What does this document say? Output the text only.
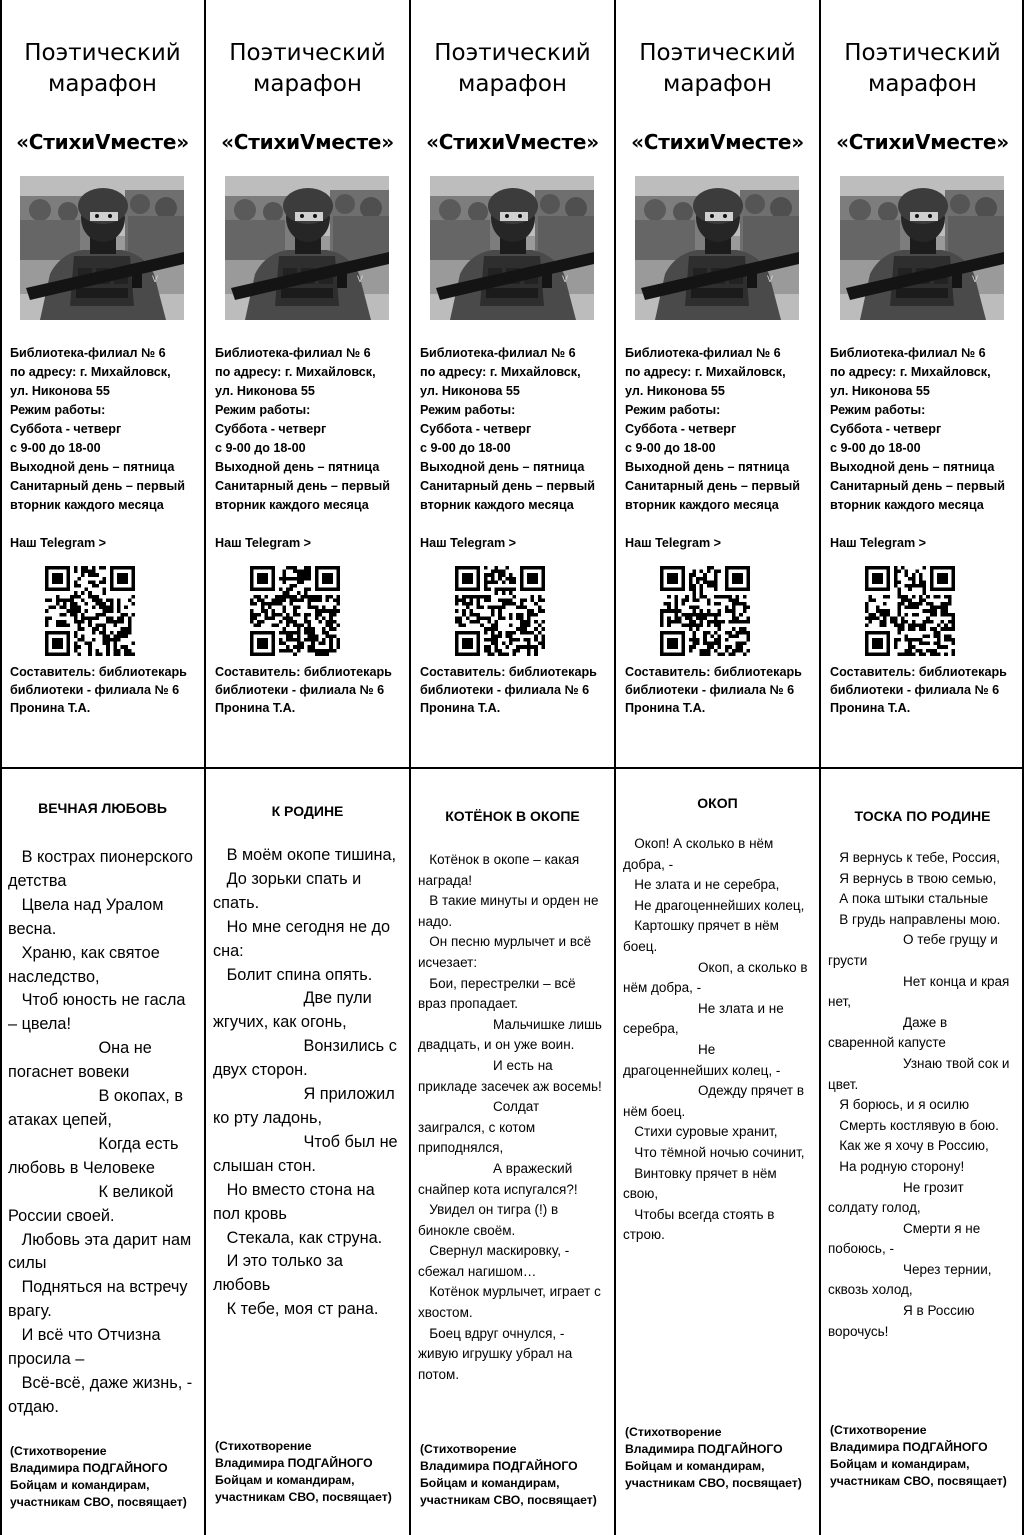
Поэтический
марафон
«СтихиVместе»
V
Библиотека-филиал № 6
по адресу: г. Михайловск,
ул. Никонова 55
Режим работы:
Суббота - четверг
с 9-00 до 18-00
Выходной день – пятница
Санитарный день – первый
вторник каждого месяца
Наш Telegram >
Составитель: библиотекарь
библиотеки - филиала № 6
Пронина Т.А.
Поэтический
марафон
«СтихиVместе»
V
Библиотека-филиал № 6
по адресу: г. Михайловск,
ул. Никонова 55
Режим работы:
Суббота - четверг
с 9-00 до 18-00
Выходной день – пятница
Санитарный день – первый
вторник каждого месяца
Наш Telegram >
Составитель: библиотекарь
библиотеки - филиала № 6
Пронина Т.А.
Поэтический
марафон
«СтихиVместе»
V
Библиотека-филиал № 6
по адресу: г. Михайловск,
ул. Никонова 55
Режим работы:
Суббота - четверг
с 9-00 до 18-00
Выходной день – пятница
Санитарный день – первый
вторник каждого месяца
Наш Telegram >
Составитель: библиотекарь
библиотеки - филиала № 6
Пронина Т.А.
Поэтический
марафон
«СтихиVместе»
V
Библиотека-филиал № 6
по адресу: г. Михайловск,
ул. Никонова 55
Режим работы:
Суббота - четверг
с 9-00 до 18-00
Выходной день – пятница
Санитарный день – первый
вторник каждого месяца
Наш Telegram >
Составитель: библиотекарь
библиотеки - филиала № 6
Пронина Т.А.
Поэтический
марафон
«СтихиVместе»
V
Библиотека-филиал № 6
по адресу: г. Михайловск,
ул. Никонова 55
Режим работы:
Суббота - четверг
с 9-00 до 18-00
Выходной день – пятница
Санитарный день – первый
вторник каждого месяца
Наш Telegram >
Составитель: библиотекарь
библиотеки - филиала № 6
Пронина Т.А.
ВЕЧНАЯ ЛЮБОВЬ
В кострах пионерского детства
Цвела над Уралом весна.
Храню, как святое наследство,
Чтоб юность не гасла – цвела!
Она не погаснет вовеки
В окопах, в атаках цепей,
Когда есть любовь в Человеке
К великой России своей.
Любовь эта дарит нам силы
Подняться на встречу врагу.
И всё что Отчизна просила –
Всё-всё, даже жизнь, - отдаю.
(Стихотворение
Владимира ПОДГАЙНОГО
Бойцам и командирам,
участникам СВО, посвящает)
К РОДИНЕ
В моём окопе тишина,
До зорьки спать и спать.
Но мне сегодня не до сна:
Болит спина опять.
Две пули жгучих, как огонь,
Вонзились с двух сторон.
Я приложил ко рту ладонь,
Чтоб был не слышан стон.
Но вместо стона на пол кровь
Стекала, как струна.
И это только за любовь
К тебе, моя ст рана.
(Стихотворение
Владимира ПОДГАЙНОГО
Бойцам и командирам,
участникам СВО, посвящает)
КОТЁНОК В ОКОПЕ
Котёнок в окопе – какая награда!
В такие минуты и орден не надо.
Он песню мурлычет и всё исчезает:
Бои, перестрелки – всё враз пропадает.
Мальчишке лишь двадцать, и он уже воин.
И есть на прикладе засечек аж восемь!
Солдат заигрался, с котом приподнялся,
А вражеский снайпер кота испугался?!
Увидел он тигра (!) в бинокле своём.
Свернул маскировку, - сбежал нагишом…
Котёнок мурлычет, играет с хвостом.
Боец вдруг очнулся, - живую игрушку убрал на потом.
(Стихотворение
Владимира ПОДГАЙНОГО
Бойцам и командирам,
участникам СВО, посвящает)
ОКОП
Окоп! А сколько в нём добра, -
Не злата и не серебра,
Не драгоценнейших колец,
Картошку прячет в нём боец.
Окоп, а сколько в нём добра, -
Не злата и не серебра,
Не драгоценнейших колец, -
Одежду прячет в нём боец.
Стихи суровые хранит,
Что тёмной ночью сочинит,
Винтовку прячет в нём свою,
Чтобы всегда стоять в строю.
(Стихотворение
Владимира ПОДГАЙНОГО
Бойцам и командирам,
участникам СВО, посвящает)
ТОСКА ПО РОДИНЕ
Я вернусь к тебе, Россия,
Я вернусь в твою семью,
А пока штыки стальные
В грудь направлены мою.
О тебе грущу и грусти
Нет конца и края нет,
Даже в сваренной капусте
Узнаю твой сок и цвет.
Я борюсь, и я осилю
Смерть костлявую в бою.
Как же я хочу в Россию,
На родную сторону!
Не грозит солдату голод,
Смерти я не побоюсь, -
Через тернии, сквозь холод,
Я в Россию ворочусь!
(Стихотворение
Владимира ПОДГАЙНОГО
Бойцам и командирам,
участникам СВО, посвящает)
